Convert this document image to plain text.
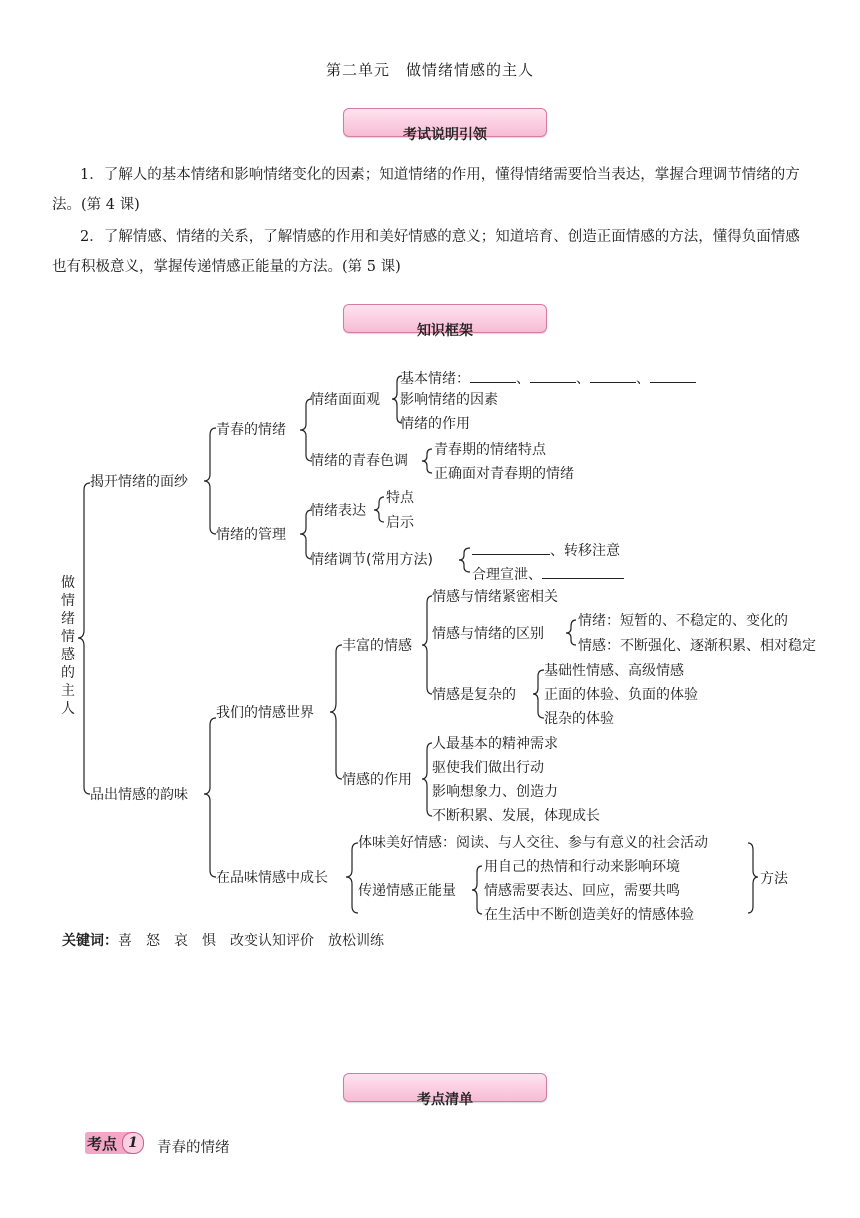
第二单元　做情绪情感的主人
考试说明引领
1．了解人的基本情绪和影响情绪变化的因素；知道情绪的作用，懂得情绪需要恰当表达，掌握合理调节情绪的方法。(第 4 课)
2．了解情感、情绪的关系，了解情感的作用和美好情感的意义；知道培育、创造正面情感的方法，懂得负面情感也有积极意义，掌握传递情感正能量的方法。(第 5 课)
知识框架
做
情
绪
情
感
的
主
人
揭开情绪的面纱
品出情感的韵味
青春的情绪
情绪的管理
情绪面面观
情绪的青春色调
基本情绪：	、	、	、
影响情绪的因素
情绪的作用
青春期的情绪特点
正确面对青春期的情绪
情绪表达
情绪调节(常用方法)
特点
启示
、转移注意
合理宣泄、
我们的情感世界
在品味情感中成长
丰富的情感
情感的作用
情感与情绪紧密相关
情感与情绪的区别
情感是复杂的
情绪：短暂的、不稳定的、变化的
情感：不断强化、逐渐积累、相对稳定
基础性情感、高级情感
正面的体验、负面的体验
混杂的体验
人最基本的精神需求
驱使我们做出行动
影响想象力、创造力
不断积累、发展，体现成长
体味美好情感：阅读、与人交往、参与有意义的社会活动
传递情感正能量
用自己的热情和行动来影响环境
情感需要表达、回应，需要共鸣
在生活中不断创造美好的情感体验
方法
关键词：喜 怒 哀 惧 改变认知评价 放松训练
考点清单
考点 1	青春的情绪
